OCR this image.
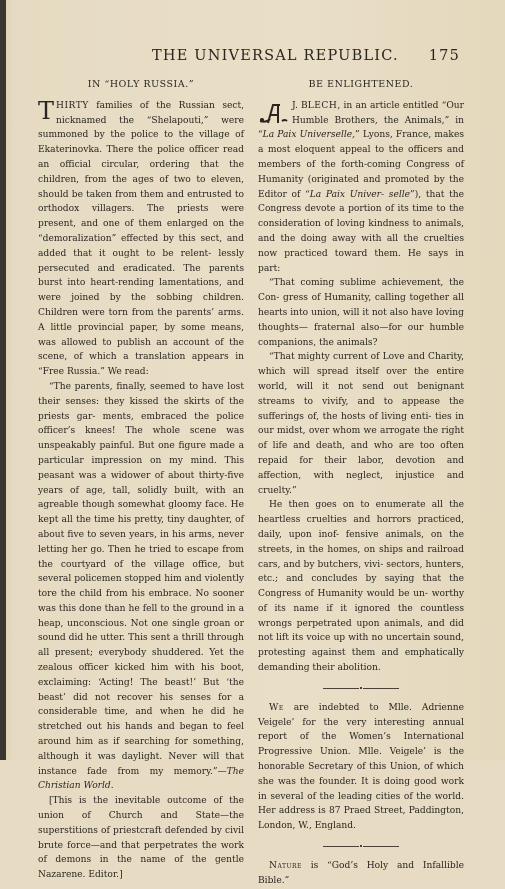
THE UNIVERSAL REPUBLIC. 175
IN “HOLY RUSSIA.”

THIRTY families of the Russian sect, nicknamed the “Shelapouti,” were summoned by the police to the village of Ekaterinovka. There the police officer read an official circular, ordering that the children, from the ages of two to eleven, should be taken from them and entrusted to orthodox villagers. The priests were present, and one of them enlarged on the “demoralization” effected by this sect, and added that it ought to be relent- lessly persecuted and eradicated. The parents burst into heart-rending lamentations, and were joined by the sobbing children. Children were torn from the parents’ arms. A little provincial paper, by some means, was allowed to publish an account of the scene, of which a translation appears in “Free Russia.” We read:

“The parents, finally, seemed to have lost their senses: they kissed the skirts of the priests gar- ments, embraced the police officer’s knees! The whole scene was unspeakably painful. But one figure made a particular impression on my mind. This peasant was a widower of about thirty-five years of age, tall, solidly built, with an agreable though somewhat gloomy face. He kept all the time his pretty, tiny daughter, of about five to seven years, in his arms, never letting her go. Then he tried to escape from the courtyard of the village office, but several policemen stopped him and violently tore the child from his embrace. No sooner was this done than he fell to the ground in a heap, unconscious. Not one single groan or sound did he utter. This sent a thrill through all present; everybody shuddered. Yet the zealous officer kicked him with his boot, exclaiming: ‘Acting! The beast!’ But ‘the beast’ did not recover his senses for a considerable time, and when he did he stretched out his hands and began to feel around him as if searching for something, although it was daylight. Never will that instance fade from my memory.”—The Christian World.

[This is the inevitable outcome of the union of Church and State—the superstitions of priestcraft defended by civil brute force—and that perpetrates the work of demons in the name of the gentle Nazarene. Editor.]

BE ENLIGHTENED.

J. BLECH, in an article entitled “Our Humble Brothers, the Animals,” in “La Paix Universelle,” Lyons, France, makes a most eloquent appeal to the officers and members of the forth-coming Congress of Humanity (originated and promoted by the Editor of “La Paix Univer- selle”), that the Congress devote a portion of its time to the consideration of loving kindness to animals, and the doing away with all the cruelties now practiced toward them. He says in part:

“That coming sublime achievement, the Con- gress of Humanity, calling together all hearts into union, will it not also have loving thoughts— fraternal also—for our humble companions, the animals?

“That mighty current of Love and Charity, which will spread itself over the entire world, will it not send out benignant streams to vivify, and to appease the sufferings of, the hosts of living enti- ties in our midst, over whom we arrogate the right of life and death, and who are too often repaid for their labor, devotion and affection, with neglect, injustice and cruelty.”

He then goes on to enumerate all the heartless cruelties and horrors practiced, daily, upon inof- fensive animals, on the streets, in the homes, on ships and railroad cars, and by butchers, vivi- sectors, hunters, etc.; and concludes by saying that the Congress of Humanity would be un- worthy of its name if it ignored the countless wrongs perpetrated upon animals, and did not lift its voice up with no uncertain sound, protesting against them and emphatically demanding their abolition.

We are indebted to Mlle. Adrienne Veigele’ for the very interesting annual report of the Women’s International Progressive Union. Mlle. Veigele’ is the honorable Secretary of this Union, of which she was the founder. It is doing good work in several of the leading cities of the world. Her address is 87 Praed Street, Paddington, London, W., England.

Nature is “God’s Holy and Infallible Bible.”
